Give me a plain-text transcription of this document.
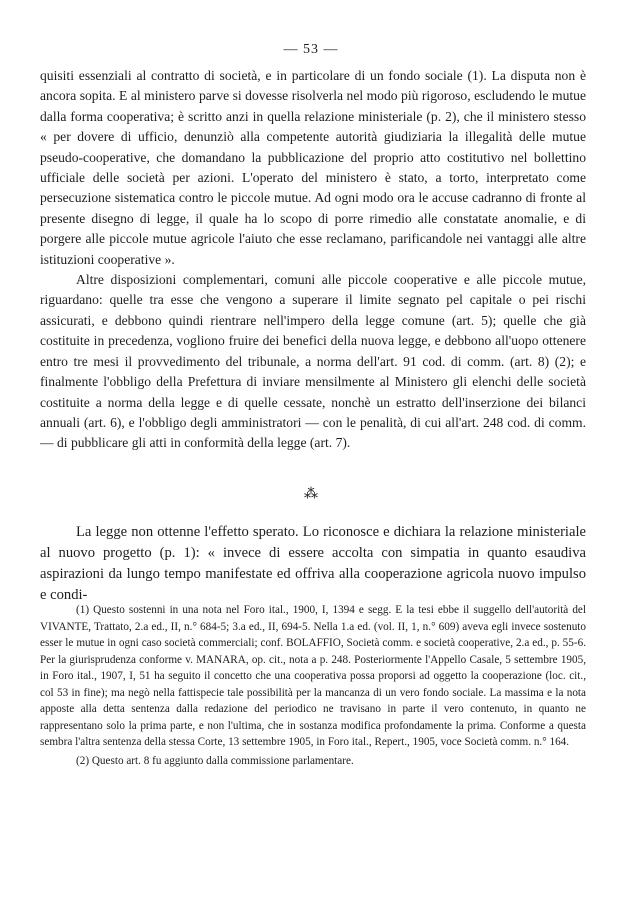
— 53 —

quisiti essenziali al contratto di società, e in particolare di un fondo sociale (1). La disputa non è ancora sopita. E al ministero parve si dovesse risolverla nel modo più rigoroso, escludendo le mutue dalla forma cooperativa; è scritto anzi in quella relazione ministeriale (p. 2), che il ministero stesso « per dovere di ufficio, denunziò alla competente autorità giudiziaria la illegalità delle mutue pseudo-cooperative, che domandano la pubblicazione del proprio atto costitutivo nel bollettino ufficiale delle società per azioni. L'operato del ministero è stato, a torto, interpretato come persecuzione sistematica contro le piccole mutue. Ad ogni modo ora le accuse cadranno di fronte al presente disegno di legge, il quale ha lo scopo di porre rimedio alle constatate anomalie, e di porgere alle piccole mutue agricole l'aiuto che esse reclamano, parificandole nei vantaggi alle altre istituzioni cooperative ».

Altre disposizioni complementari, comuni alle piccole cooperative e alle piccole mutue, riguardano: quelle tra esse che vengono a superare il limite segnato pel capitale o pei rischi assicurati, e debbono quindi rientrare nell'impero della legge comune (art. 5); quelle che già costituite in precedenza, vogliono fruire dei benefici della nuova legge, e debbono all'uopo ottenere entro tre mesi il provvedimento del tribunale, a norma dell'art. 91 cod. di comm. (art. 8) (2); e finalmente l'obbligo della Prefettura di inviare mensilmente al Ministero gli elenchi delle società costituite a norma della legge e di quelle cessate, nonchè un estratto dell'inserzione dei bilanci annuali (art. 6), e l'obbligo degli amministratori — con le penalità, di cui all'art. 248 cod. di comm. — di pubblicare gli atti in conformità della legge (art. 7).

⁂

La legge non ottenne l'effetto sperato. Lo riconosce e dichiara la relazione ministeriale al nuovo progetto (p. 1): « invece di essere accolta con simpatia in quanto esaudiva aspirazioni da lungo tempo manifestate ed offriva alla cooperazione agricola nuovo impulso e condi-

(1) Questo sostenni in una nota nel Foro ital., 1900, I, 1394 e segg. E la tesi ebbe il suggello dell'autorità del VIVANTE, Trattato, 2.a ed., II, n.° 684-5; 3.a ed., II, 694-5. Nella 1.a ed. (vol. II, 1, n.° 609) aveva egli invece sostenuto esser le mutue in ogni caso società commerciali; conf. BOLAFFIO, Società comm. e società cooperative, 2.a ed., p. 55-6. Per la giurisprudenza conforme v. MANARA, op. cit., nota a p. 248. Posteriormente l'Appello Casale, 5 settembre 1905, in Foro ital., 1907, I, 51 ha seguito il concetto che una cooperativa possa proporsi ad oggetto la cooperazione (loc. cit., col 53 in fine); ma negò nella fattispecie tale possibilità per la mancanza di un vero fondo sociale. La massima e la nota apposte alla detta sentenza dalla redazione del periodico ne travisano in parte il vero contenuto, in quanto ne rappresentano solo la prima parte, e non l'ultima, che in sostanza modifica profondamente la prima. Conforme a questa sembra l'altra sentenza della stessa Corte, 13 settembre 1905, in Foro ital., Repert., 1905, voce Società comm. n.° 164.

(2) Questo art. 8 fu aggiunto dalla commissione parlamentare.
